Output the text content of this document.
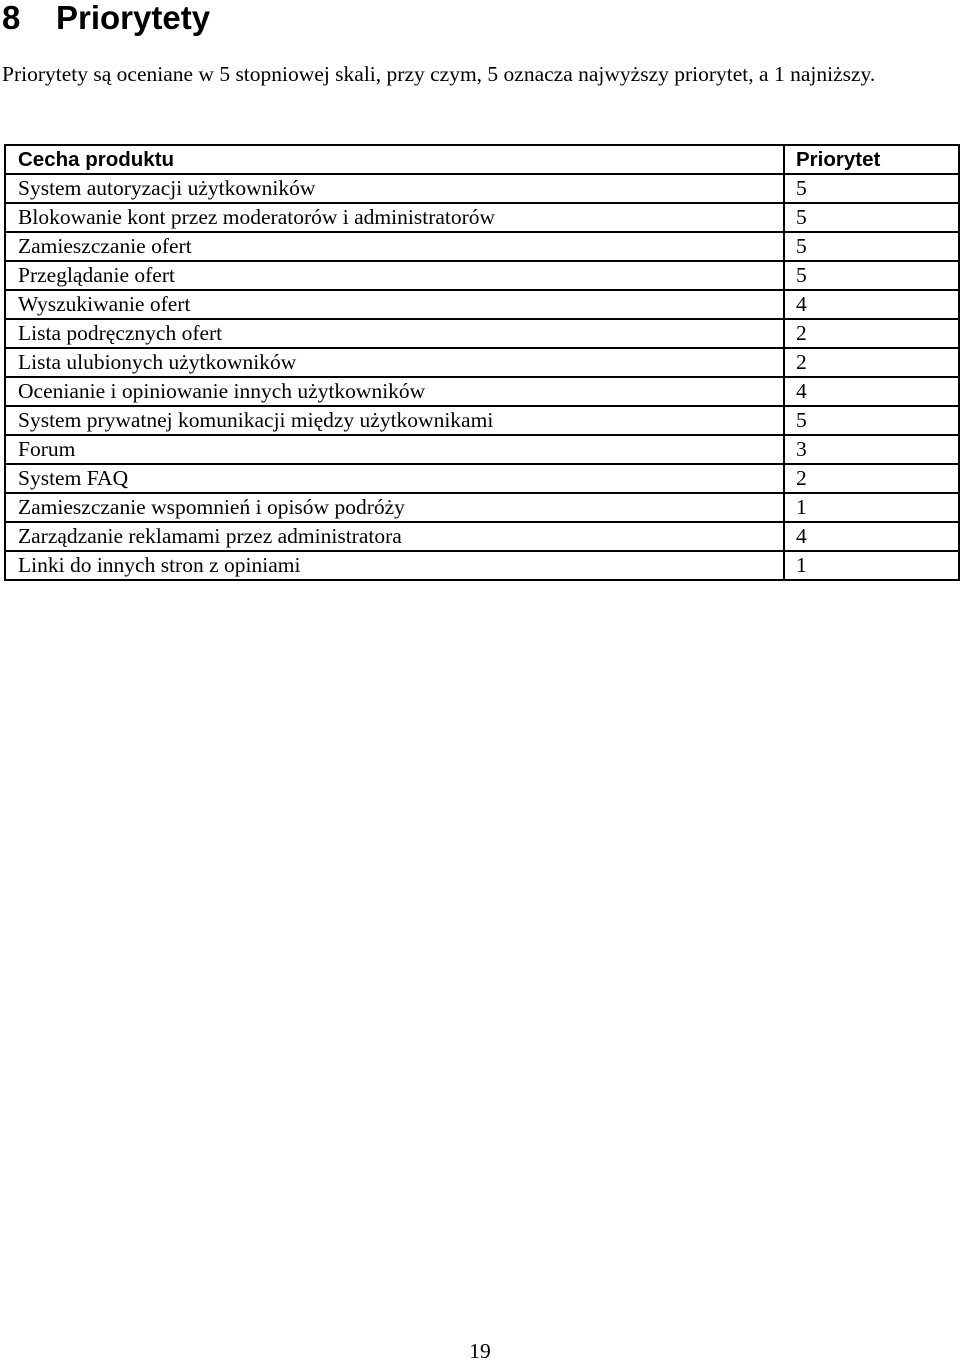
8 Priorytety

Priorytety są oceniane w 5 stopniowej skali, przy czym, 5 oznacza najwyższy priorytet, a 1 najniższy.

Cecha produktu	Priorytet
System autoryzacji użytkowników	5
Blokowanie kont przez moderatorów i administratorów	5
Zamieszczanie ofert	5
Przeglądanie ofert	5
Wyszukiwanie ofert	4
Lista podręcznych ofert	2
Lista ulubionych użytkowników	2
Ocenianie i opiniowanie innych użytkowników	4
System prywatnej komunikacji między użytkownikami	5
Forum	3
System FAQ	2
Zamieszczanie wspomnień i opisów podróży	1
Zarządzanie reklamami przez administratora	4
Linki do innych stron z opiniami	1
19
